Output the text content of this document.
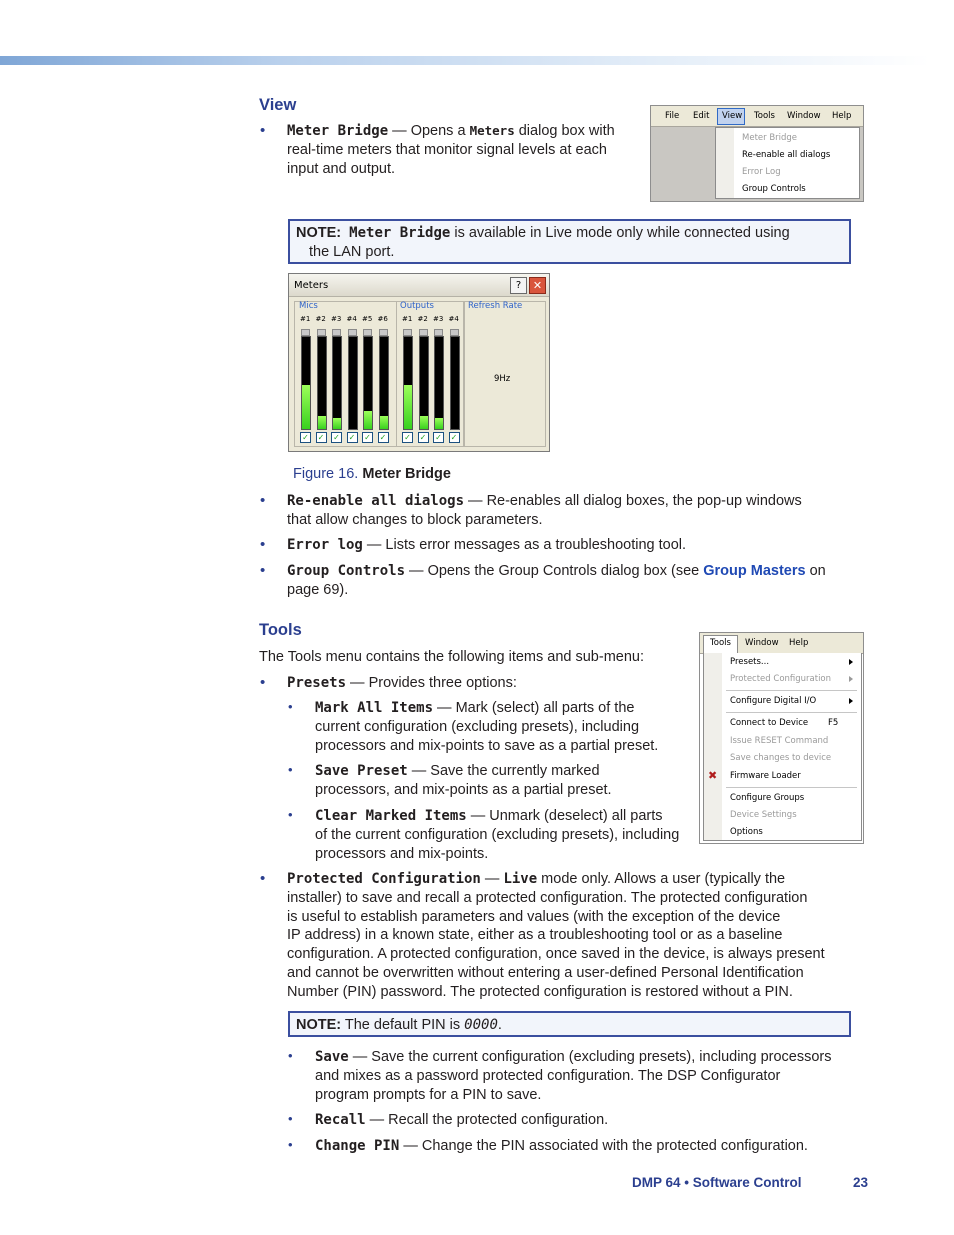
View
• Meter Bridge — Opens a Meters dialog box with
real-time meters that monitor signal levels at each
input and output.
File Edit View Tools Window Help
Meter Bridge
Re-enable all dialogs
Error Log
Group Controls
NOTE: Meter Bridge is available in Live mode only while connected using
the LAN port.
Meters	?	✕
Mics
#1
✓
#2
✓
#3
✓
#4
✓
#5
✓
#6
✓
Outputs
#1
✓
#2
✓
#3
✓
#4
✓
Refresh Rate
9Hz
Figure 16. Meter Bridge
• Re-enable all dialogs — Re-enables all dialog boxes, the pop-up windows
that allow changes to block parameters.
• Error log — Lists error messages as a troubleshooting tool.
• Group Controls — Opens the Group Controls dialog box (see Group Masters on
page 69).
Tools
The Tools menu contains the following items and sub-menu:
• Presets — Provides three options:
• Mark All Items — Mark (select) all parts of the
current configuration (excluding presets), including
processors and mix-points to save as a partial preset.
• Save Preset — Save the currently marked
processors, and mix-points as a partial preset.
• Clear Marked Items — Unmark (deselect) all parts
of the current configuration (excluding presets), including
processors and mix-points.
Tools Window Help
Presets...
Protected Configuration
Configure Digital I/O
Connect to Device F5
Issue RESET Command
Save changes to device
✖ Firmware Loader
Configure Groups
Device Settings
Options
• Protected Configuration — Live mode only. Allows a user (typically the
installer) to save and recall a protected configuration. The protected configuration
is useful to establish parameters and values (with the exception of the device
IP address) in a known state, either as a troubleshooting tool or as a baseline
configuration. A protected configuration, once saved in the device, is always present
and cannot be overwritten without entering a user-defined Personal Identification
Number (PIN) password. The protected configuration is restored without a PIN.
NOTE: The default PIN is 0000.
• Save — Save the current configuration (excluding presets), including processors
and mixes as a password protected configuration. The DSP Configurator
program prompts for a PIN to save.
• Recall — Recall the protected configuration.
• Change PIN — Change the PIN associated with the protected configuration.
DMP 64 • Software Control	23
